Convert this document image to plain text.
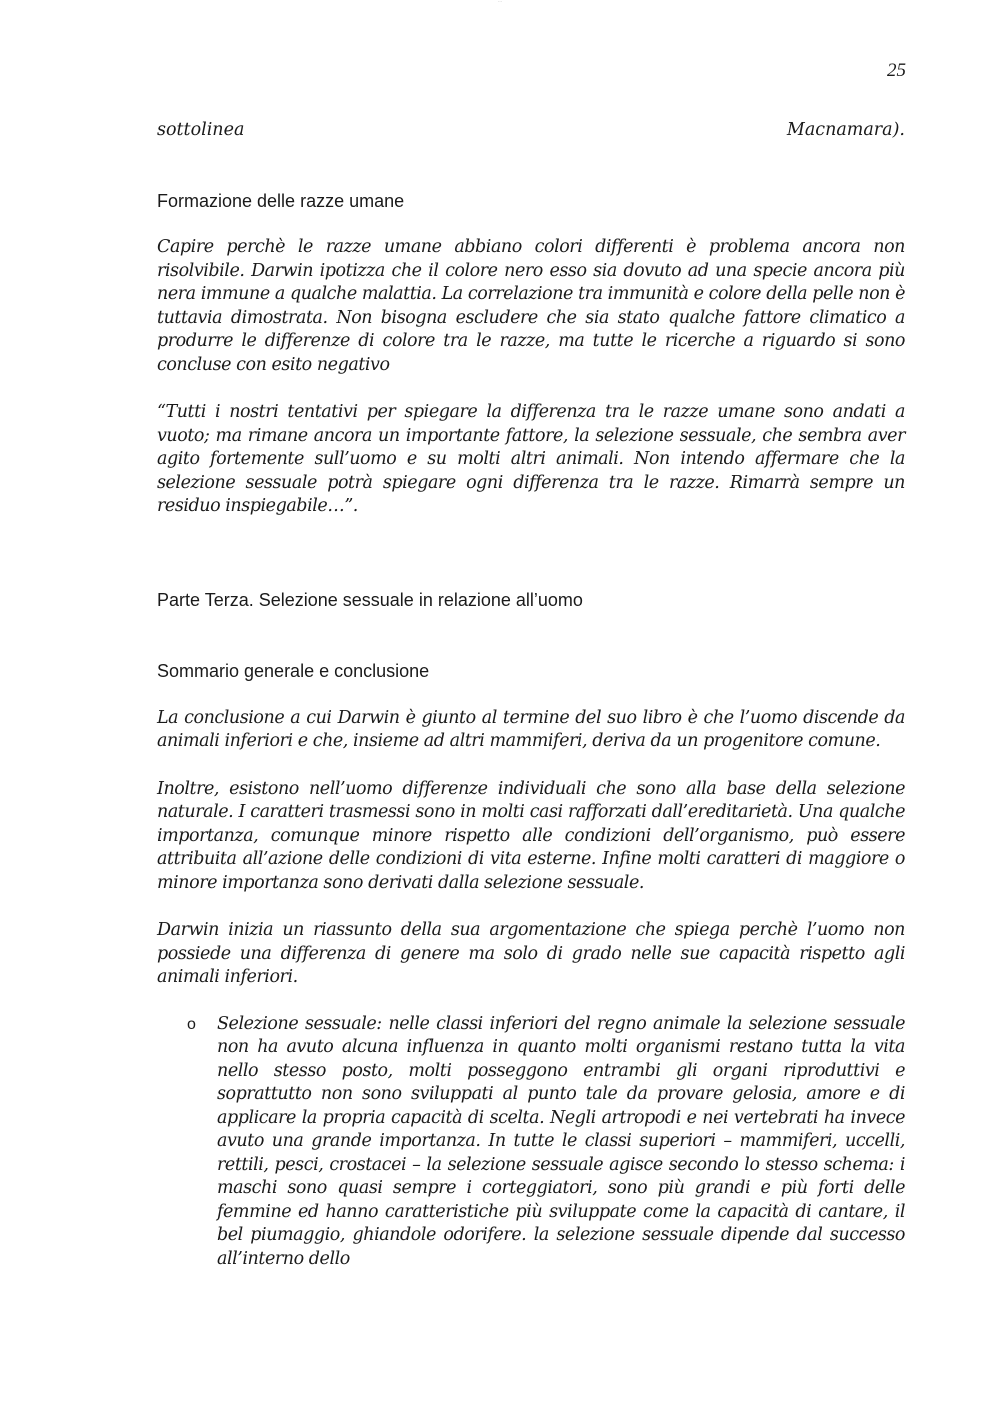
...
25
sottolinea	Macnamara).
Formazione delle razze umane

Capire perchè le razze umane abbiano colori differenti è problema ancora non risolvibile. Darwin ipotizza che il colore nero esso sia dovuto ad una specie ancora più nera immune a qualche malattia. La correlazione tra immunità e colore della pelle non è tuttavia dimostrata. Non bisogna escludere che sia stato qualche fattore climatico a produrre le differenze di colore tra le razze, ma tutte le ricerche a riguardo si sono concluse con esito negativo

“Tutti i nostri tentativi per spiegare la differenza tra le razze umane sono andati a vuoto; ma rimane ancora un importante fattore, la selezione sessuale, che sembra aver agito fortemente sull’uomo e su molti altri animali. Non intendo affermare che la selezione sessuale potrà spiegare ogni differenza tra le razze. Rimarrà sempre un residuo inspiegabile…”.

Parte Terza. Selezione sessuale in relazione all’uomo
Sommario generale e conclusione

La conclusione a cui Darwin è giunto al termine del suo libro è che l’uomo discende da animali inferiori e che, insieme ad altri mammiferi, deriva da un progenitore comune.

Inoltre, esistono nell’uomo differenze individuali che sono alla base della selezione naturale. I caratteri trasmessi sono in molti casi rafforzati dall’ereditarietà. Una qualche importanza, comunque minore rispetto alle condizioni dell’organismo, può essere attribuita all’azione delle condizioni di vita esterne. Infine molti caratteri di maggiore o minore importanza sono derivati dalla selezione sessuale.

Darwin inizia un riassunto della sua argomentazione che spiega perchè l’uomo non possiede una differenza di genere ma solo di grado nelle sue capacità rispetto agli animali inferiori.

o	Selezione sessuale: nelle classi inferiori del regno animale la selezione sessuale non ha avuto alcuna influenza in quanto molti organismi restano tutta la vita nello stesso posto, molti posseggono entrambi gli organi riproduttivi e soprattutto non sono sviluppati al punto tale da provare gelosia, amore e di applicare la propria capacità di scelta. Negli artropodi e nei vertebrati ha invece avuto una grande importanza. In tutte le classi superiori – mammiferi, uccelli, rettili, pesci, crostacei – la selezione sessuale agisce secondo lo stesso schema: i maschi sono quasi sempre i corteggiatori, sono più grandi e più forti delle femmine ed hanno caratteristiche più sviluppate come la capacità di cantare, il bel piumaggio, ghiandole odorifere. la selezione sessuale dipende dal successo all’interno dello
